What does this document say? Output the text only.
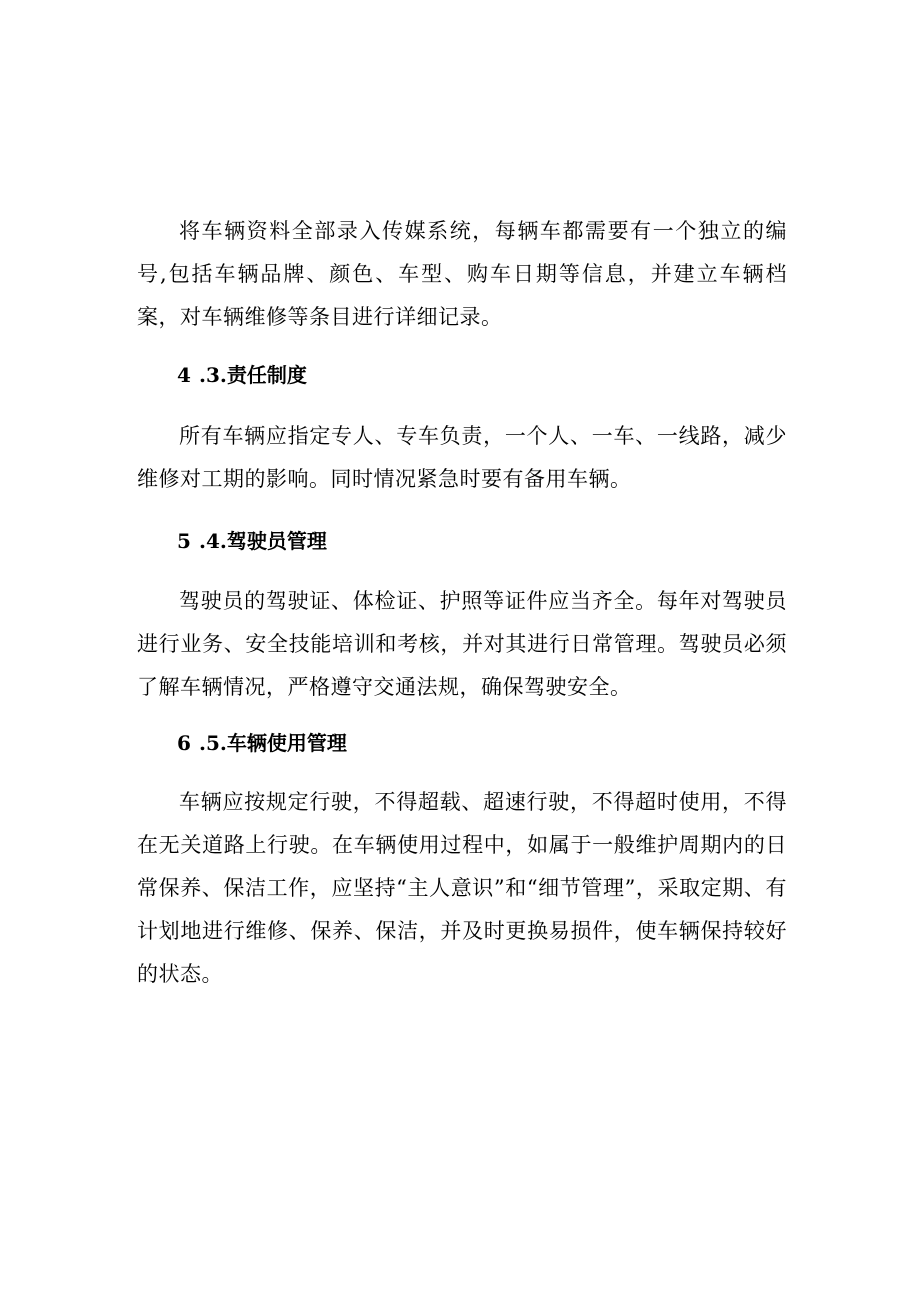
将车辆资料全部录入传媒系统，每辆车都需要有一个独立的编号,包括车辆品牌、颜色、车型、购车日期等信息，并建立车辆档案，对车辆维修等条目进行详细记录。

4 .3.责任制度

所有车辆应指定专人、专车负责，一个人、一车、一线路，减少维修对工期的影响。同时情况紧急时要有备用车辆。

5 .4.驾驶员管理

驾驶员的驾驶证、体检证、护照等证件应当齐全。每年对驾驶员进行业务、安全技能培训和考核，并对其进行日常管理。驾驶员必须了解车辆情况，严格遵守交通法规，确保驾驶安全。

6 .5.车辆使用管理

车辆应按规定行驶，不得超载、超速行驶，不得超时使用，不得在无关道路上行驶。在车辆使用过程中，如属于一般维护周期内的日常保养、保洁工作，应坚持“主人意识”和“细节管理”，采取定期、有计划地进行维修、保养、保洁，并及时更换易损件，使车辆保持较好的状态。
